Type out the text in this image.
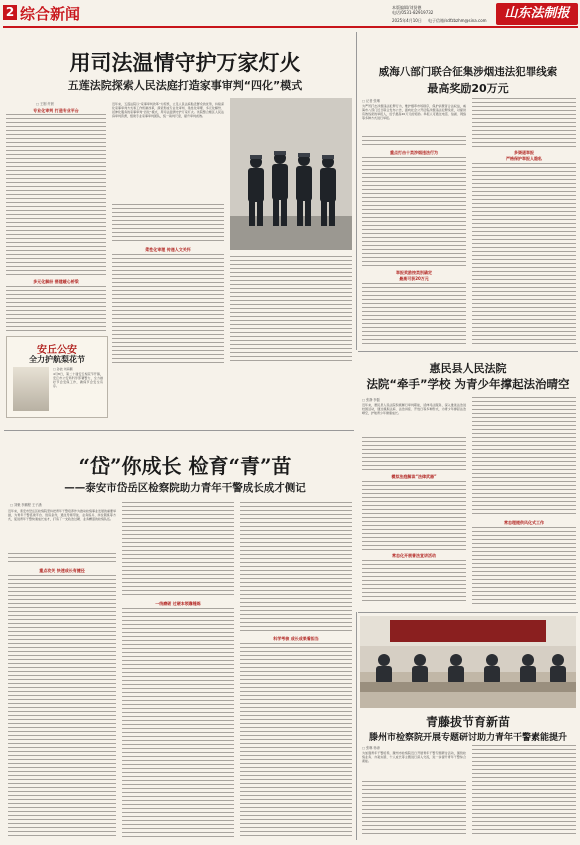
2 综合新闻	本版编辑/刘贤德
电话/0531-82919732
2025年4月10日 电子信箱/sdfzbzhm@sina.com	山东法制报
用司法温情守护万家灯火
五莲法院探索人民法庭打造家事审判“四化”模式
□ 王刚 许晨
专业化审判 打造专业平台
多元化解纷 搭建暖心桥梁
近年来，五莲法院以“家事审判改革”为契机，立足人民法庭贴近群众的优势，持续深化家事审判方式和工作机制改革，探索形成专业化审判、柔性化审理、多元化解纷、延伸化服务的家事审判“四化”模式，用司法温情守护万家灯火。该院整合辖区人民法庭审判资源，组建专业家事审判团队，统一裁判尺度，提升审判质效。
柔性化审理 传递人文关怀
安丘公安
全力护航梨花节
□ 孙波 刘海鹏
4月8日，第二十届安丘梨花节开幕，安丘市公安局科学部署警力，全力做好节会安保工作，确保节会安全有序。
威海八部门联合征集涉烟违法犯罪线索
最高奖励20万元
□ 记者 张琳
为严厉打击涉烟违法犯罪行为，维护烟草市场秩序，保护消费者合法权益，威海市八部门近日联合发布公告，面向社会公开征集涉烟违法犯罪线索，对提供有效线索的举报人，给予最高20万元的奖励。举报人可通过电话、信函、网络等多种方式进行举报。
重点打击十类涉烟违法行为
举报奖励按类别确定
最高可获20万元
多渠道举报
严格保护举报人隐私
惠民县人民法院
法院“牵手”学校 为青少年撑起法治晴空
□ 张静 李磊
近年来，惠民县人民法院积极履行审判职能，延伸司法服务，深入推进法治进校园活动，通过模拟法庭、法治讲座、开放日等多种形式，为青少年撑起法治晴空，护航青少年健康成长。
模拟法庭解读“法律武器”
常态化开展普法宣讲活动
常态理提供风化式工作
“岱”你成长 检育“青”苗
——泰安市岱岳区检察院助力青年干警成长成才侧记
□ 刘魁 李鹏程 王子涵
近年来，泰安市岱岳区检察院坚持把青年干警培养作为推动检察事业发展的重要举措，为青年干警搭建平台、创造条件，通过导师带徒、业务练兵、岗位锻炼等方式，促进青年干警快速成长成才，打造了一支政治过硬、业务精湛的检察队伍。
重点攻关 快速成长有捷径
一线磨砺 过硬本领靠锤炼
科学考核 成长成果看担当
青藤拔节育新苗
滕州市检察院开展专题研讨助力青年干警素能提升
□ 张琳 杨涛
为加强青年干警培养，滕州市检察院近日开展青年干警专题研讨活动，围绕检察业务、办案实践、个人成长等主题进行深入交流，进一步提升青年干警综合素能。
